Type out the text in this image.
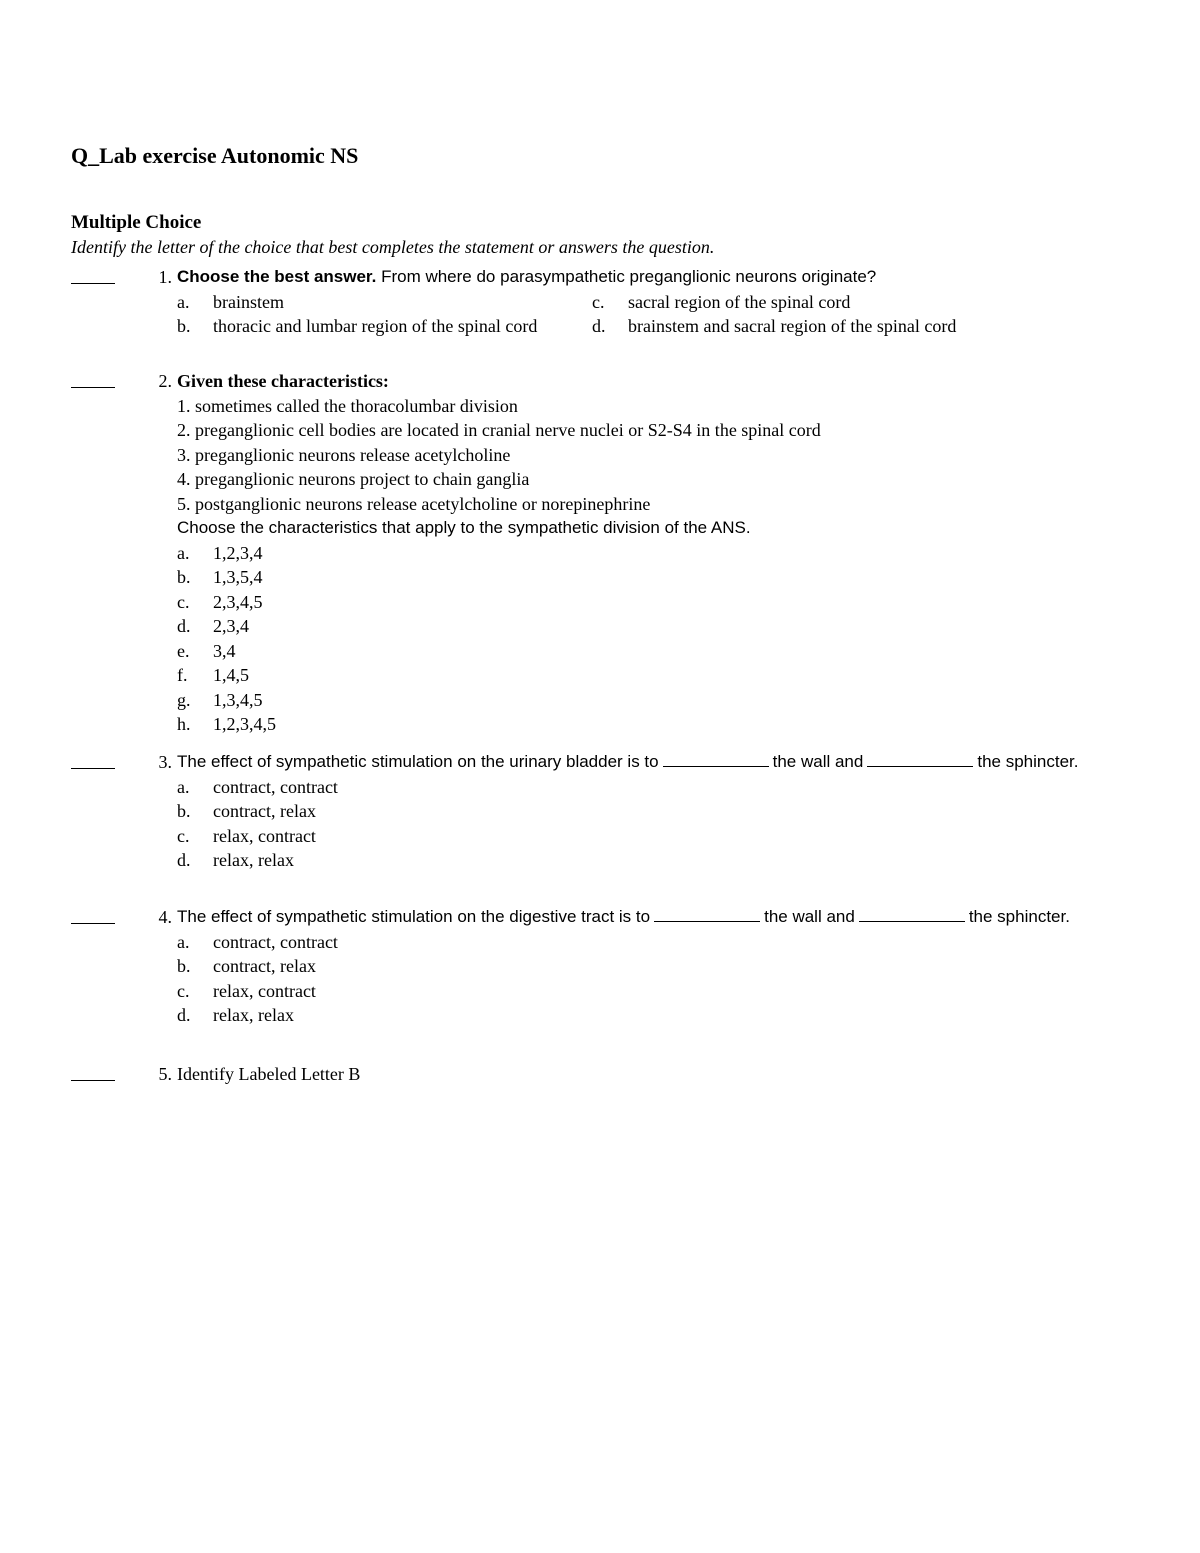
Q_Lab exercise Autonomic NS
Multiple Choice
Identify the letter of the choice that best completes the statement or answers the question.
1. Choose the best answer. From where do parasympathetic preganglionic neurons originate?
a.	brainstem	c.	sacral region of the spinal cord
b.	thoracic and lumbar region of the spinal cord	d.	brainstem and sacral region of the spinal cord
2. Given these characteristics:
1. sometimes called the thoracolumbar division
2. preganglionic cell bodies are located in cranial nerve nuclei or S2-S4 in the spinal cord
3. preganglionic neurons release acetylcholine
4. preganglionic neurons project to chain ganglia
5. postganglionic neurons release acetylcholine or norepinephrine
Choose the characteristics that apply to the sympathetic division of the ANS.
a.	1,2,3,4
b.	1,3,5,4
c.	2,3,4,5
d.	2,3,4
e.	3,4
f.	1,4,5
g.	1,3,4,5
h.	1,2,3,4,5
3. The effect of sympathetic stimulation on the urinary bladder is to	the wall and	the sphincter.
a.	contract, contract
b.	contract, relax
c.	relax, contract
d.	relax, relax
4. The effect of sympathetic stimulation on the digestive tract is to	the wall and	the sphincter.
a.	contract, contract
b.	contract, relax
c.	relax, contract
d.	relax, relax
5. Identify Labeled Letter B
